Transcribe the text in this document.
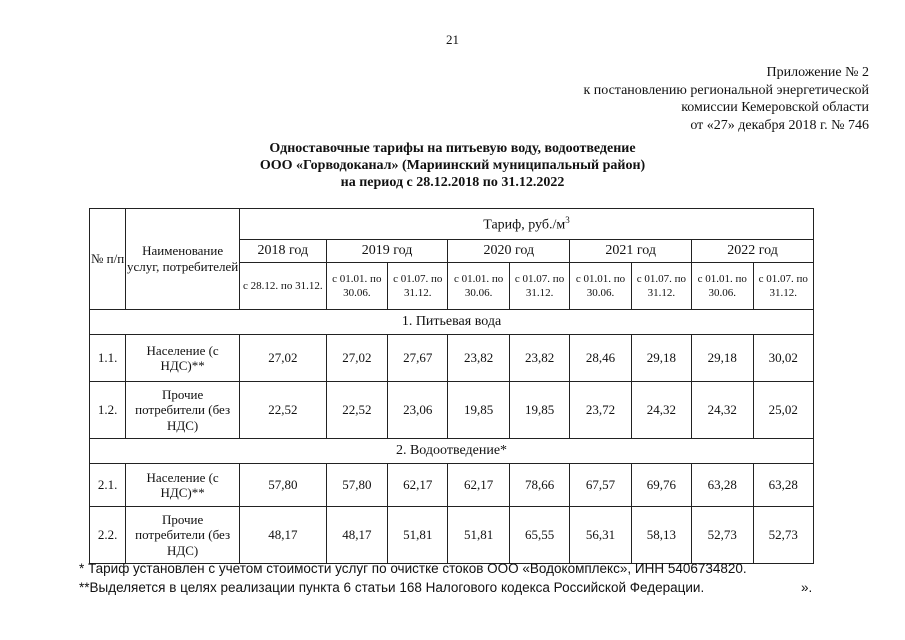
21
Приложение № 2
к постановлению региональной энергетической
комиссии Кемеровской области
от «27» декабря 2018 г. № 746
Одноставочные тарифы на питьевую воду, водоотведение
ООО «Горводоканал» (Мариинский муниципальный район)
на период с 28.12.2018 по 31.12.2022
№ п/п	Наименование услуг, потребителей	Тариф, $руб./м^3$
		2018 год	2019 год		2020 год		2021 год		2022 год	
		с 28.12. по 31.12.	с 01.01. по 30.06.	с 01.07. по 31.12.	с 01.01. по 30.06.	с 01.07. по 31.12.	с 01.01. по 30.06.	с 01.07. по 31.12.	с 01.01. по 30.06.	с 01.07. по 31.12.
1. Питьевая вода										
1.1.	Население (с НДС)**	27,02	27,02	27,67	23,82	23,82	28,46	29,18	29,18	30,02
1.2.	Прочие потребители (без НДС)	22,52	22,52	23,06	19,85	19,85	23,72	24,32	24,32	25,02
2. Водоотведение*										
2.1.	Население (с НДС)**	57,80	57,80	62,17	62,17	78,66	67,57	69,76	63,28	63,28
2.2.	Прочие потребители (без НДС)	48,17	48,17	51,81	51,81	65,55	56,31	58,13	52,73	52,73
* Тариф установлен с учетом стоимости услуг по очистке стоков ООО «Водокомплекс», ИНН 5406734820.
**Выделяется в целях реализации пункта 6 статьи 168 Налогового кодекса Российской Федерации.	».
